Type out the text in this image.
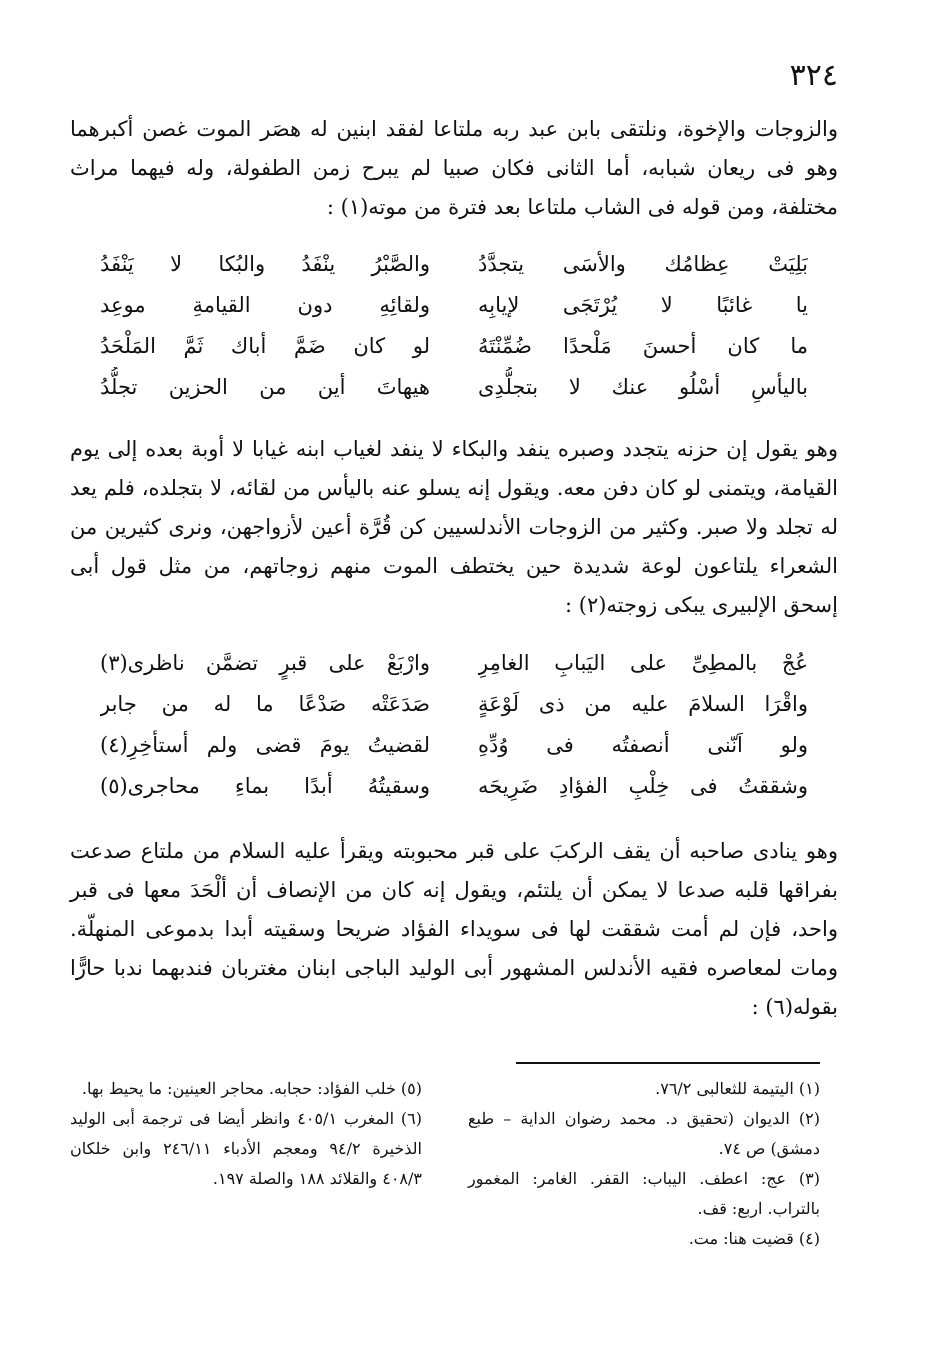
٣٢٤

والزوجات والإخوة، ونلتقى بابن عبد ربه ملتاعا لفقد ابنين له هصَر الموت غصن أكبرهما وهو فى ريعان شبابه، أما الثانى فكان صبيا لم يبرح زمن الطفولة، وله فيهما مراث مختلفة، ومن قوله فى الشاب ملتاعا بعد فترة من موته(١) :

بَلِيَتْ عِظامُك والأسَى يتجدَّدُ
والصَّبْرُ ينْفَدُ والبُكا لا يَنْفَدُ
يا غائبًا لا يُرْتَجَى لإيابِه
ولقائِهِ دون القيامةِ موعِد
ما كان أحسنَ مَلْحدًا ضُمِّنْتَهُ
لو كان ضَمَّ أباك ثَمَّ المَلْحَدُ
باليأسِ أسْلُو عنك لا بتجلُّدِى
هيهاتَ أين من الحزين تجلُّدُ

وهو يقول إن حزنه يتجدد وصبره ينفد والبكاء لا ينفد لغياب ابنه غيابا لا أوبة بعده إلى يوم القيامة، ويتمنى لو كان دفن معه. ويقول إنه يسلو عنه باليأس من لقائه، لا بتجلده، فلم يعد له تجلد ولا صبر. وكثير من الزوجات الأندلسيين كن قُرَّة أعين لأزواجهن، ونرى كثيرين من الشعراء يلتاعون لوعة شديدة حين يختطف الموت منهم زوجاتهم، من مثل قول أبى إسحق الإلبيرى يبكى زوجته(٢) :

عُجْ بالمطِىِّ على اليَبابِ الغامِرِ
وارْبَعْ على قبرٍ تضمَّن ناظرى(٣)
واقْرَا السلامَ عليه من ذى لَوْعَةٍ
صَدَعَتْه صَدْعًا ما له من جابر
ولو اَنّنى أنصفتُه فى وُدِّهِ
لقضيتُ يومَ قضى ولم أستأخِرِ(٤)
وشققتُ فى خِلْبِ الفؤادِ ضَرِيحَه
وسقيتُهُ أبدًا بماءِ محاجرى(٥)

وهو ينادى صاحبه أن يقف الركبَ على قبر محبوبته ويقرأ عليه السلام من ملتاع صدعت بفراقها قلبه صدعا لا يمكن أن يلتئم، ويقول إنه كان من الإنصاف أن ألْحَدَ معها فى قبر واحد، فإن لم أمت شققت لها فى سويداء الفؤاد ضريحا وسقيته أبدا بدموعى المنهلّة. ومات لمعاصره فقيه الأندلس المشهور أبى الوليد الباجى ابنان مغتربان فندبهما ندبا حارًّا بقوله(٦) :

(١) اليتيمة للثعالبى ٧٦/٢.

(٢) الديوان (تحقيق د. محمد رضوان الداية – طبع دمشق) ص ٧٤.

(٣) عج: اعطف. اليباب: القفر. الغامر: المغمور بالتراب. اربع: قف.

(٤) قضيت هنا: مت.

(٥) خلب الفؤاد: حجابه. محاجر العينين: ما يحيط بها.

(٦) المغرب ٤٠٥/١ وانظر أيضا فى ترجمة أبى الوليد الذخيرة ٩٤/٢ ومعجم الأدباء ٢٤٦/١١ وابن خلكان ٤٠٨/٣ والقلائد ١٨٨ والصلة ١٩٧.
